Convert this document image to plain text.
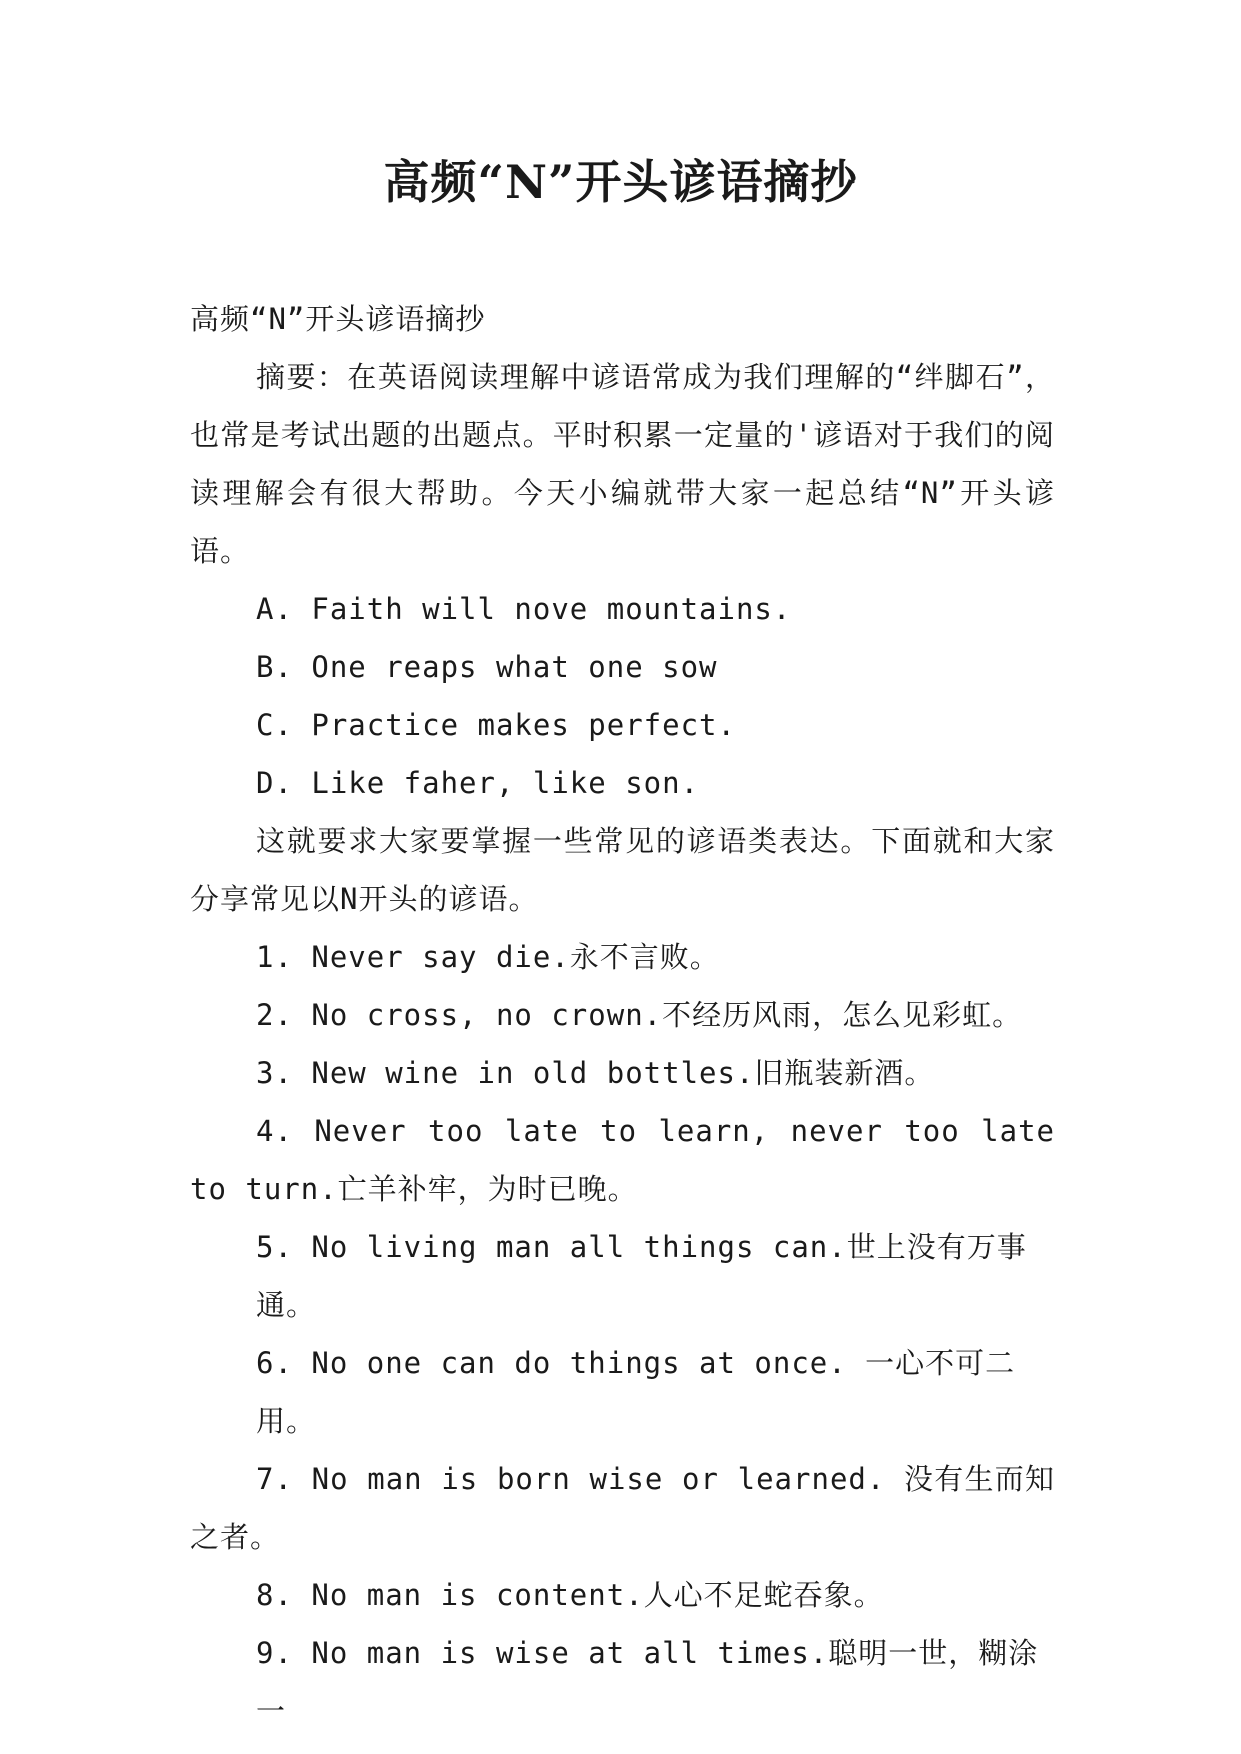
高频“N”开头谚语摘抄

高频“N”开头谚语摘抄

摘要：在英语阅读理解中谚语常成为我们理解的“绊脚石”，也常是考试出题的出题点。平时积累一定量的'谚语对于我们的阅读理解会有很大帮助。今天小编就带大家一起总结“N”开头谚语。

A. Faith will nove mountains.

B. One reaps what one sow

C. Practice makes perfect.

D. Like faher, like son.

这就要求大家要掌握一些常见的谚语类表达。下面就和大家分享常见以N开头的谚语。

1. Never say die.永不言败。

2. No cross, no crown.不经历风雨，怎么见彩虹。

3. New wine in old bottles.旧瓶装新酒。

4. Never too late to learn, never too late to turn.亡羊补牢，为时已晚。

5. No living man all things can.世上没有万事通。

6. No one can do things at once. 一心不可二用。

7. No man is born wise or learned. 没有生而知之者。

8. No man is content.人心不足蛇吞象。

9. No man is wise at all times.聪明一世，糊涂一
